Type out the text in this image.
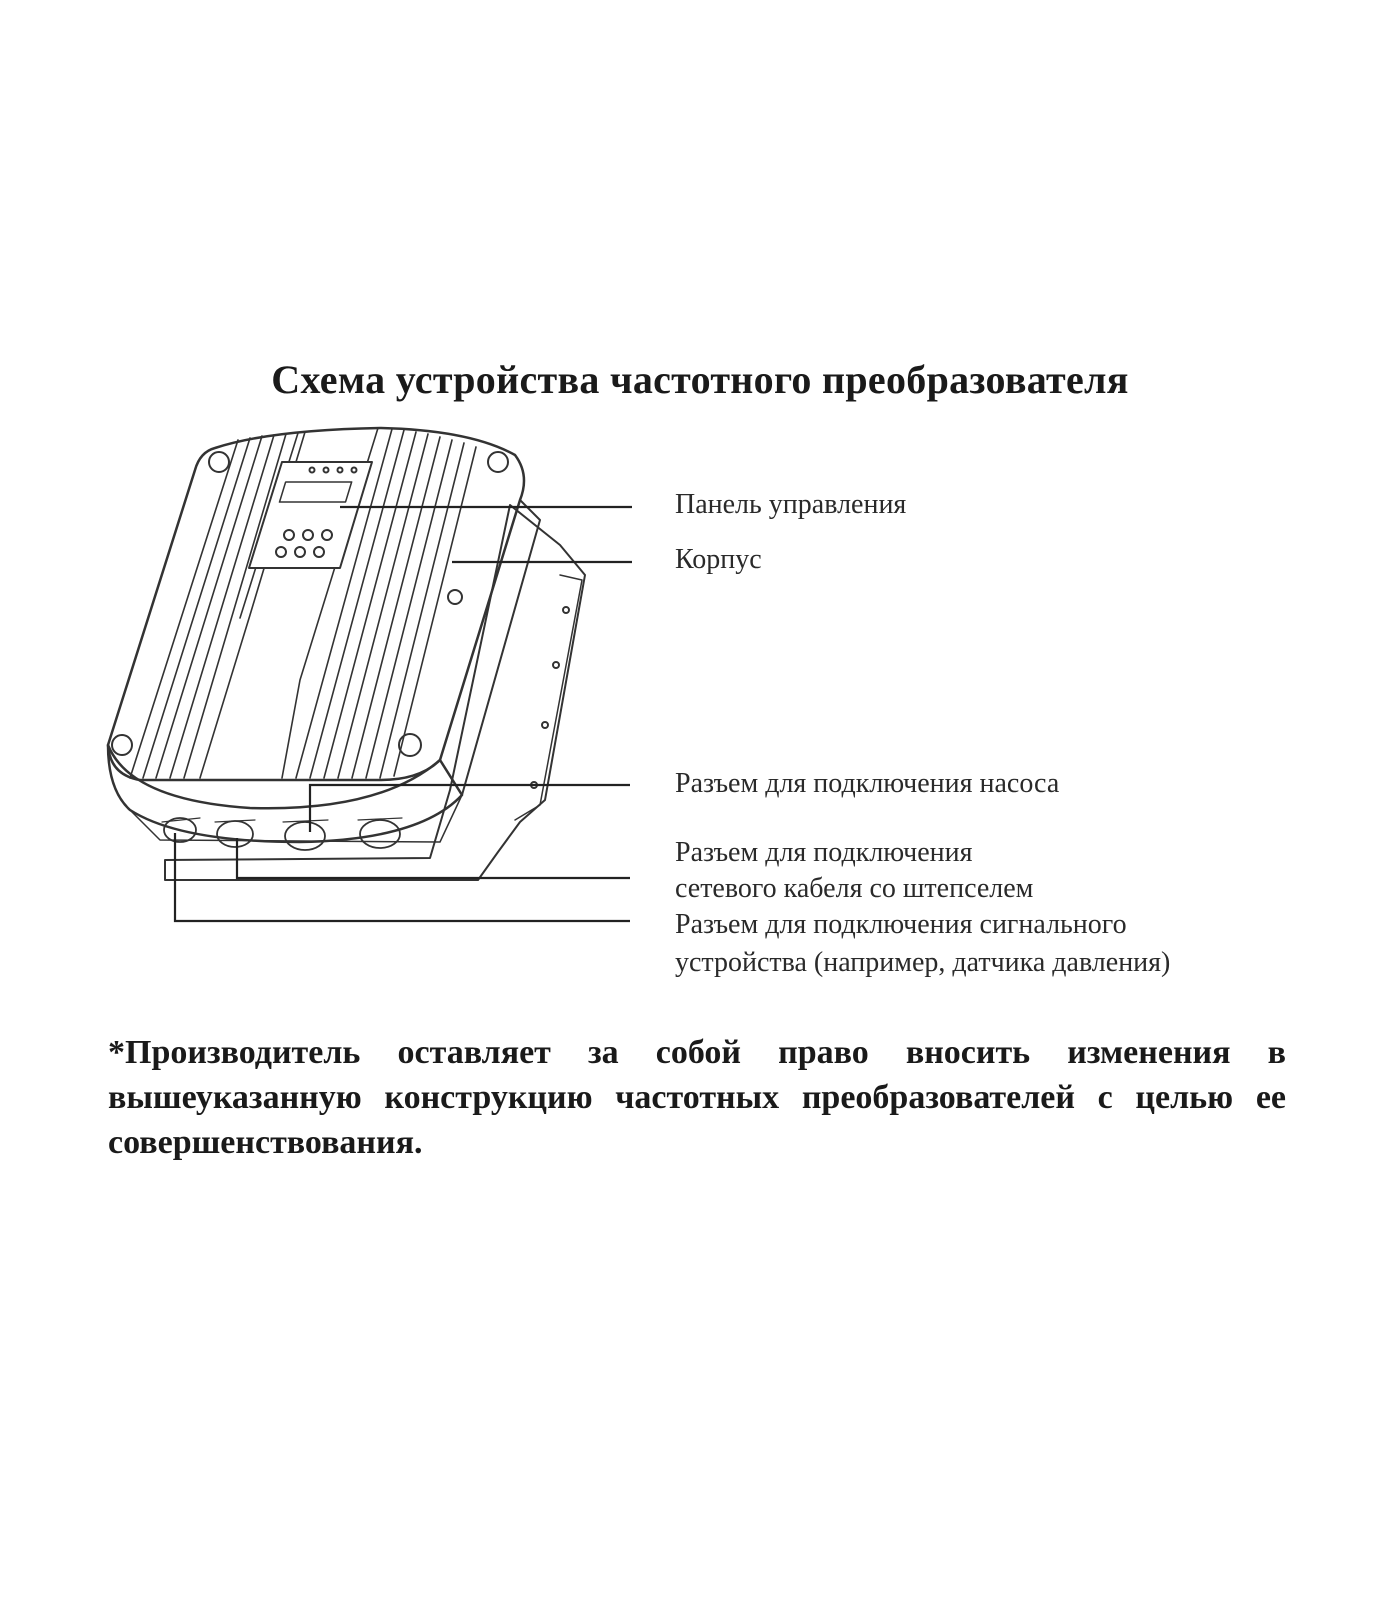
Схема устройства частотного преобразователя
Панель управления
Корпус
Разъем для подключения насоса
Разъем для подключения
сетевого кабеля со штепселем
Разъем для подключения сигнального
устройства (например, датчика давления)
*Производитель оставляет за собой право вносить изменения в вышеуказанную конструкцию частотных преобразователей с целью ее совершенствования.
